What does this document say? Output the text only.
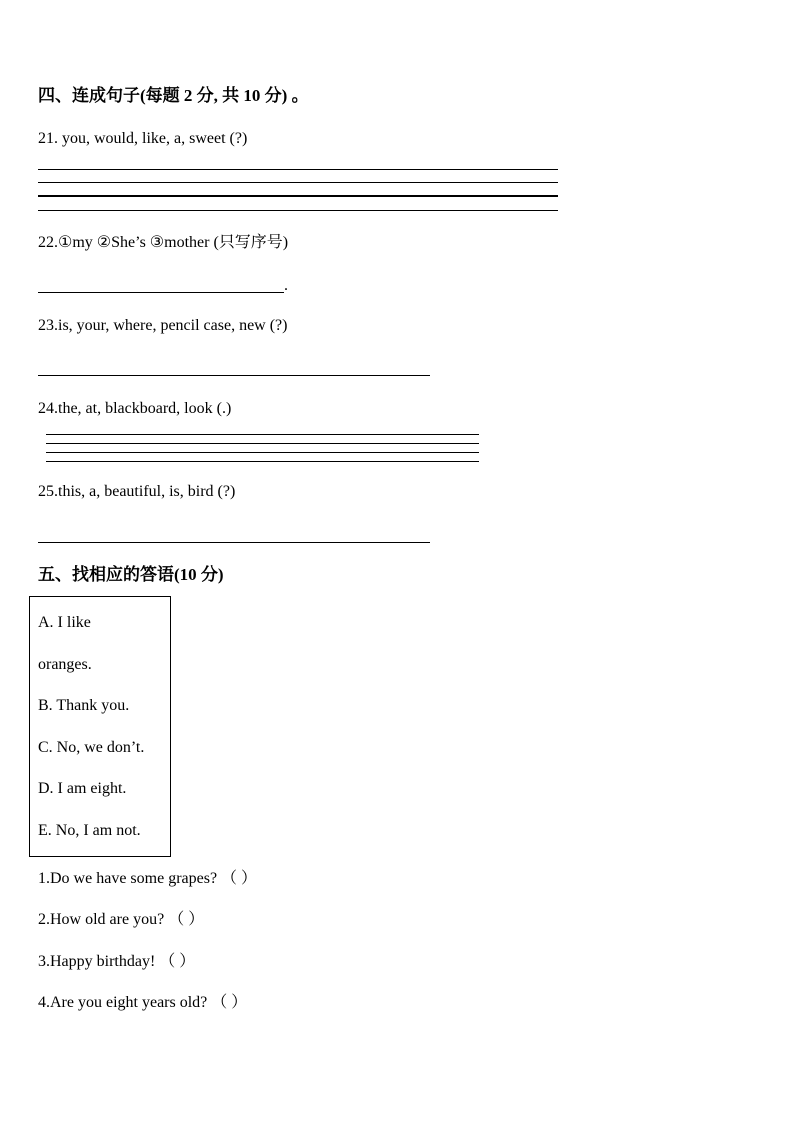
四、连成句子(每题 2 分, 共 10 分) 。
21. you, would, like, a, sweet (?)
22.①my ②She’s ③mother (只写序号)
.
23.is, your, where, pencil case, new (?)
24.the, at, blackboard, look (.)
25.this, a, beautiful, is, bird (?)
五、找相应的答语(10 分)
A. I like
oranges.
B. Thank you.
C. No, we don’t.
D. I am eight.
E. No, I am not.
1.Do we have some grapes? （ ）
2.How old are you? （ ）
3.Happy birthday! （ ）
4.Are you eight years old? （ ）
